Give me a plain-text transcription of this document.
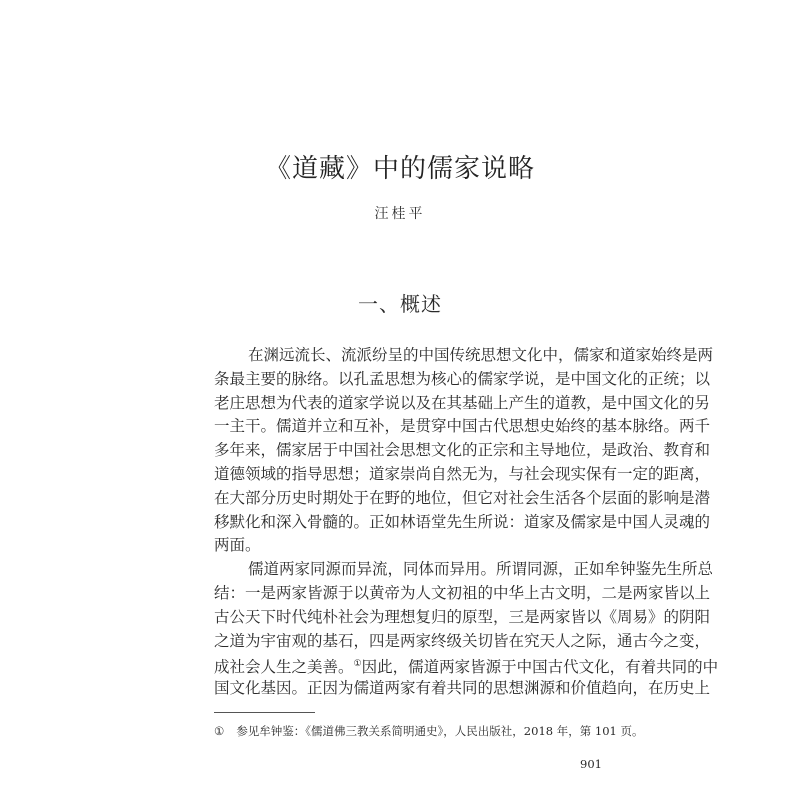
《道藏》中的儒家说略
汪桂平
一、概述
在渊远流长、流派纷呈的中国传统思想文化中，儒家和道家始终是两
条最主要的脉络。以孔孟思想为核心的儒家学说，是中国文化的正统；以
老庄思想为代表的道家学说以及在其基础上产生的道教，是中国文化的另
一主干。儒道并立和互补，是贯穿中国古代思想史始终的基本脉络。两千
多年来，儒家居于中国社会思想文化的正宗和主导地位，是政治、教育和
道德领域的指导思想；道家崇尚自然无为，与社会现实保有一定的距离，
在大部分历史时期处于在野的地位，但它对社会生活各个层面的影响是潜
移默化和深入骨髓的。正如林语堂先生所说：道家及儒家是中国人灵魂的
两面。
儒道两家同源而异流，同体而异用。所谓同源，正如牟钟鉴先生所总
结：一是两家皆源于以黄帝为人文初祖的中华上古文明，二是两家皆以上
古公天下时代纯朴社会为理想复归的原型，三是两家皆以《周易》的阴阳
之道为宇宙观的基石，四是两家终级关切皆在究天人之际，通古今之变，
成社会人生之美善。①因此，儒道两家皆源于中国古代文化，有着共同的中
国文化基因。正因为儒道两家有着共同的思想渊源和价值趋向，在历史上
① 参见牟钟鉴：《儒道佛三教关系简明通史》，人民出版社，2018 年，第 101 页。
901
